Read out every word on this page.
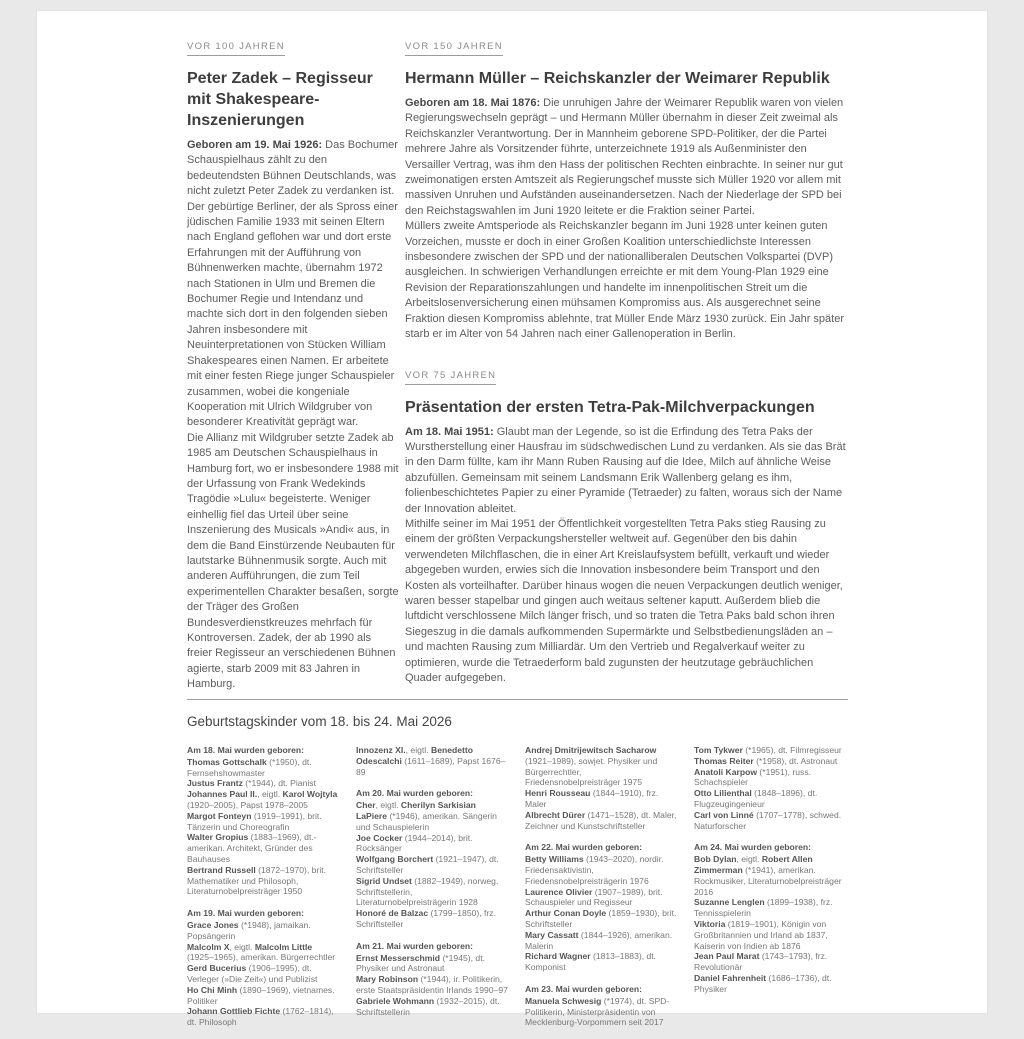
VOR 100 JAHREN
Peter Zadek – Regisseur mit Shakespeare-Inszenierungen

Geboren am 19. Mai 1926: Das Bochumer Schauspielhaus zählt zu den bedeutendsten Bühnen Deutschlands, was nicht zuletzt Peter Zadek zu verdanken ist. Der gebürtige Berliner, der als Spross einer jüdischen Familie 1933 mit seinen Eltern nach England geflohen war und dort erste Erfahrungen mit der Aufführung von Bühnenwerken machte, übernahm 1972 nach Stationen in Ulm und Bremen die Bochumer Regie und Intendanz und machte sich dort in den folgenden sieben Jahren insbesondere mit Neuinterpretationen von Stücken William Shakespeares einen Namen. Er arbeitete mit einer festen Riege junger Schauspieler zusammen, wobei die kongeniale Kooperation mit Ulrich Wildgruber von besonderer Kreativität geprägt war.

Die Allianz mit Wildgruber setzte Zadek ab 1985 am Deutschen Schauspielhaus in Hamburg fort, wo er insbesondere 1988 mit der Urfassung von Frank Wedekinds Tragödie »Lulu« begeisterte. Weniger einhellig fiel das Urteil über seine Inszenierung des Musicals »Andi« aus, in dem die Band Einstürzende Neubauten für lautstarke Bühnenmusik sorgte. Auch mit anderen Aufführungen, die zum Teil experimentellen Charakter besaßen, sorgte der Träger des Großen Bundesverdienstkreuzes mehrfach für Kontroversen. Zadek, der ab 1990 als freier Regisseur an verschiedenen Bühnen agierte, starb 2009 mit 83 Jahren in Hamburg.

VOR 150 JAHREN
Hermann Müller – Reichskanzler der Weimarer Republik

Geboren am 18. Mai 1876: Die unruhigen Jahre der Weimarer Republik waren von vielen Regierungswechseln geprägt – und Hermann Müller übernahm in dieser Zeit zweimal als Reichskanzler Verantwortung. Der in Mannheim geborene SPD-Politiker, der die Partei mehrere Jahre als Vorsitzender führte, unterzeichnete 1919 als Außenminister den Versailler Vertrag, was ihm den Hass der politischen Rechten einbrachte. In seiner nur gut zweimonatigen ersten Amtszeit als Regierungschef musste sich Müller 1920 vor allem mit massiven Unruhen und Aufständen auseinandersetzen. Nach der Niederlage der SPD bei den Reichstagswahlen im Juni 1920 leitete er die Fraktion seiner Partei.

Müllers zweite Amtsperiode als Reichskanzler begann im Juni 1928 unter keinen guten Vorzeichen, musste er doch in einer Großen Koalition unterschiedlichste Interessen insbesondere zwischen der SPD und der nationalliberalen Deutschen Volkspartei (DVP) ausgleichen. In schwierigen Verhandlungen erreichte er mit dem Young-Plan 1929 eine Revision der Reparationszahlungen und handelte im innenpolitischen Streit um die Arbeitslosenversicherung einen mühsamen Kompromiss aus. Als ausgerechnet seine Fraktion diesen Kompromiss ablehnte, trat Müller Ende März 1930 zurück. Ein Jahr später starb er im Alter von 54 Jahren nach einer Gallenoperation in Berlin.

VOR 75 JAHREN
Präsentation der ersten Tetra-Pak-Milchverpackungen

Am 18. Mai 1951: Glaubt man der Legende, so ist die Erfindung des Tetra Paks der Wurstherstellung einer Hausfrau im südschwedischen Lund zu verdanken. Als sie das Brät in den Darm füllte, kam ihr Mann Ruben Rausing auf die Idee, Milch auf ähnliche Weise abzufüllen. Gemeinsam mit seinem Landsmann Erik Wallenberg gelang es ihm, folienbeschichtetes Papier zu einer Pyramide (Tetraeder) zu falten, woraus sich der Name der Innovation ableitet.

Mithilfe seiner im Mai 1951 der Öffentlichkeit vorgestellten Tetra Paks stieg Rausing zu einem der größten Verpackungshersteller weltweit auf. Gegenüber den bis dahin verwendeten Milchflaschen, die in einer Art Kreislaufsystem befüllt, verkauft und wieder abgegeben wurden, erwies sich die Innovation insbesondere beim Transport und den Kosten als vorteilhafter. Darüber hinaus wogen die neuen Verpackungen deutlich weniger, waren besser stapelbar und gingen auch weitaus seltener kaputt. Außerdem blieb die luftdicht verschlossene Milch länger frisch, und so traten die Tetra Paks bald schon ihren Siegeszug in die damals aufkommenden Supermärkte und Selbstbedienungsläden an – und machten Rausing zum Milliardär. Um den Vertrieb und Regalverkauf weiter zu optimieren, wurde die Tetraederform bald zugunsten der heutzutage gebräuchlichen Quader aufgegeben.

Geburtstagskinder vom 18. bis 24. Mai 2026
Am 18. Mai wurden geboren:
Thomas Gottschalk (*1950), dt. Fernsehshowmaster
Justus Frantz (*1944), dt. Pianist
Johannes Paul II., eigtl. Karol Wojtyla (1920–2005), Papst 1978–2005
Margot Fonteyn (1919–1991), brit. Tänzerin und Choreografin
Walter Gropius (1883–1969), dt.-amerikan. Architekt, Gründer des Bauhauses
Bertrand Russell (1872–1970), brit. Mathematiker und Philosoph, Literaturnobelpreisträger 1950
Am 19. Mai wurden geboren:
Grace Jones (*1948), jamaikan. Popsängerin
Malcolm X, eigtl. Malcolm Little (1925–1965), amerikan. Bürgerrechtler
Gerd Bucerius (1906–1995), dt. Verleger (»Die Zeit«) und Publizist
Ho Chi Minh (1890–1969), vietnames. Politiker
Johann Gottlieb Fichte (1762–1814), dt. Philosoph
Innozenz XI., eigtl. Benedetto Odescalchi (1611–1689), Papst 1676–89
Am 20. Mai wurden geboren:
Cher, eigtl. Cherilyn Sarkisian LaPiere (*1946), amerikan. Sängerin und Schauspielerin
Joe Cocker (1944–2014), brit. Rocksänger
Wolfgang Borchert (1921–1947), dt. Schriftsteller
Sigrid Undset (1882–1949), norweg. Schriftstellerin, Literaturnobelpreisträgerin 1928
Honoré de Balzac (1799–1850), frz. Schriftsteller
Am 21. Mai wurden geboren:
Ernst Messerschmid (*1945), dt. Physiker und Astronaut
Mary Robinson (*1944), ir. Politikerin, erste Staatspräsidentin Irlands 1990–97
Gabriele Wohmann (1932–2015), dt. Schriftstellerin
Andrej Dmitrijewitsch Sacharow (1921–1989), sowjet. Physiker und Bürgerrechtler, Friedensnobelpreisträger 1975
Henri Rousseau (1844–1910), frz. Maler
Albrecht Dürer (1471–1528), dt. Maler, Zeichner und Kunstschriftsteller
Am 22. Mai wurden geboren:
Betty Williams (1943–2020), nordir. Friedensaktivistin, Friedensnobelpreisträgerin 1976
Laurence Olivier (1907–1989), brit. Schauspieler und Regisseur
Arthur Conan Doyle (1859–1930), brit. Schriftsteller
Mary Cassatt (1844–1926), amerikan. Malerin
Richard Wagner (1813–1883), dt. Komponist
Am 23. Mai wurden geboren:
Manuela Schwesig (*1974), dt. SPD-Politikerin, Ministerpräsidentin von Mecklenburg-Vorpommern seit 2017
Tom Tykwer (*1965), dt. Filmregisseur
Thomas Reiter (*1958), dt. Astronaut
Anatoli Karpow (*1951), russ. Schachspieler
Otto Lilienthal (1848–1896), dt. Flugzeugingenieur
Carl von Linné (1707–1778), schwed. Naturforscher
Am 24. Mai wurden geboren:
Bob Dylan, eigtl. Robert Allen Zimmerman (*1941), amerikan. Rockmusiker, Literaturnobelpreisträger 2016
Suzanne Lenglen (1899–1938), frz. Tennisspielerin
Viktoria (1819–1901), Königin von Großbritannien und Irland ab 1837, Kaiserin von Indien ab 1876
Jean Paul Marat (1743–1793), frz. Revolutionär
Daniel Fahrenheit (1686–1736), dt. Physiker
